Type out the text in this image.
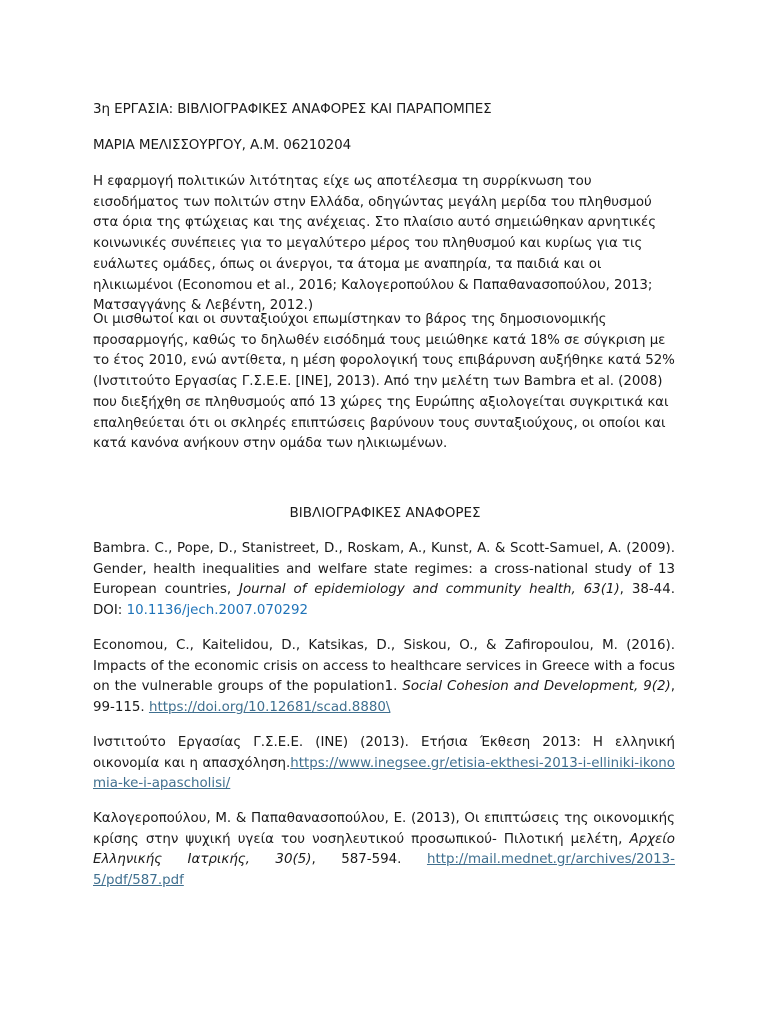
3η ΕΡΓΑΣΙΑ: ΒΙΒΛΙΟΓΡΑΦΙΚΕΣ ΑΝΑΦΟΡΕΣ ΚΑΙ ΠΑΡΑΠΟΜΠΕΣ

ΜΑΡΙΑ ΜΕΛΙΣΣΟΥΡΓΟΥ, Α.Μ. 06210204

Η εφαρμογή πολιτικών λιτότητας είχε ως αποτέλεσμα τη συρρίκνωση του εισοδήματος των πολιτών στην Ελλάδα, οδηγώντας μεγάλη μερίδα του πληθυσμού στα όρια της φτώχειας και της ανέχειας. Στο πλαίσιο αυτό σημειώθηκαν αρνητικές κοινωνικές συνέπειες για το μεγαλύτερο μέρος του πληθυσμού και κυρίως για τις ευάλωτες ομάδες, όπως οι άνεργοι, τα άτομα με αναπηρία, τα παιδιά και οι ηλικιωμένοι (Economou et al., 2016; Καλογεροπούλου & Παπαθανασοπούλου, 2013; Ματσαγγάνης & Λεβέντη, 2012.)

Οι μισθωτοί και οι συνταξιούχοι επωμίστηκαν το βάρος της δημοσιονομικής προσαρμογής, καθώς το δηλωθέν εισόδημά τους μειώθηκε κατά 18% σε σύγκριση με το έτος 2010, ενώ αντίθετα, η μέση φορολογική τους επιβάρυνση αυξήθηκε κατά 52% (Ινστιτούτο Εργασίας Γ.Σ.Ε.Ε. [ΙΝΕ], 2013). Από την μελέτη των Bambra et al. (2008) που διεξήχθη σε πληθυσμούς από 13 χώρες της Ευρώπης αξιολογείται συγκριτικά και επαληθεύεται ότι οι σκληρές επιπτώσεις βαρύνουν τους συνταξιούχους, οι οποίοι και κατά κανόνα ανήκουν στην ομάδα των ηλικιωμένων.

ΒΙΒΛΙΟΓΡΑΦΙΚΕΣ ΑΝΑΦΟΡΕΣ

Bambra. C., Pope, D., Stanistreet, D., Roskam, A., Kunst, A. & Scott-Samuel, A. (2009). Gender, health inequalities and welfare state regimes: a cross-national study of 13 European countries, Journal of epidemiology and community health, 63(1), 38-44. DOI: 10.1136/jech.2007.070292

Economou, C., Kaitelidou, D., Katsikas, D., Siskou, O., & Zafiropoulou, M. (2016). Impacts of the economic crisis on access to healthcare services in Greece with a focus on the vulnerable groups of the population1. Social Cohesion and Development, 9(2), 99-115. https://doi.org/10.12681/scad.8880\

Ινστιτούτο Εργασίας Γ.Σ.Ε.Ε. (ΙΝΕ) (2013). Ετήσια Έκθεση 2013: Η ελληνική οικονομία και η απασχόληση.https://www.inegsee.gr/etisia-ekthesi-2013-i-elliniki-ikonomia-ke-i-apascholisi/

Καλογεροπούλου, Μ. & Παπαθανασοπούλου, Ε. (2013), Οι επιπτώσεις της οικονομικής κρίσης στην ψυχική υγεία του νοσηλευτικού προσωπικού- Πιλοτική μελέτη, Αρχείο Ελληνικής Ιατρικής, 30(5), 587-594. http://mail.mednet.gr/archives/2013-5/pdf/587.pdf
